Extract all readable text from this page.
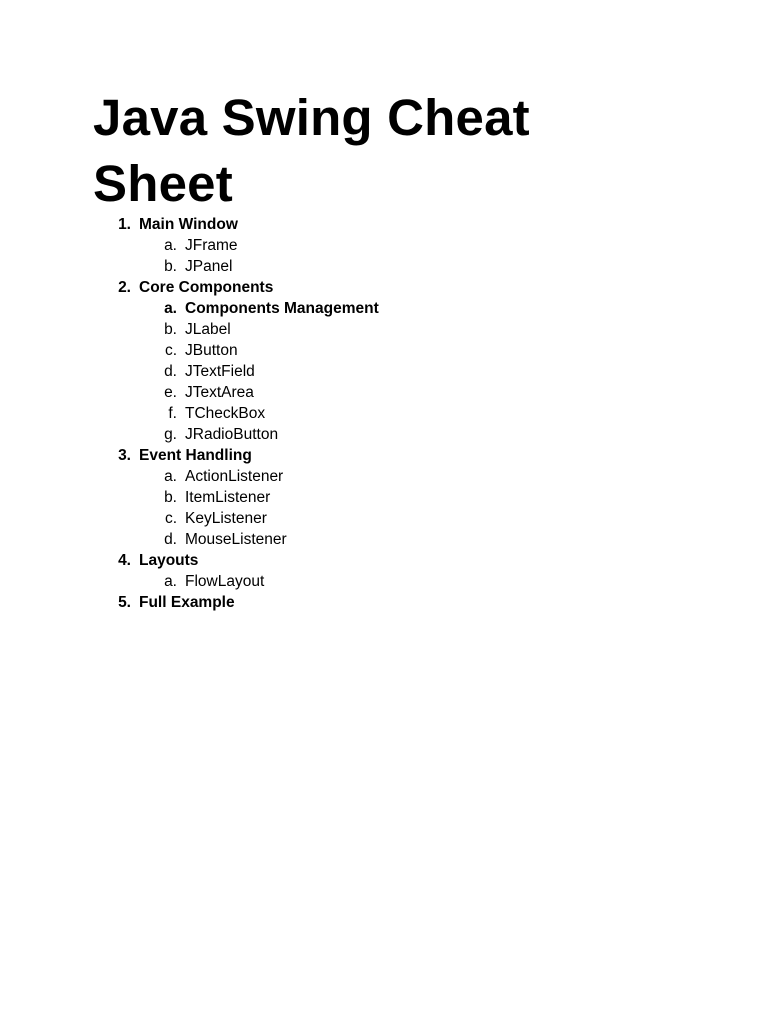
Java Swing Cheat Sheet
1. Main Window
a. JFrame
b. JPanel
2. Core Components
a. Components Management
b. JLabel
c. JButton
d. JTextField
e. JTextArea
f. TCheckBox
g. JRadioButton
3. Event Handling
a. ActionListener
b. ItemListener
c. KeyListener
d. MouseListener
4. Layouts
a. FlowLayout
5. Full Example
